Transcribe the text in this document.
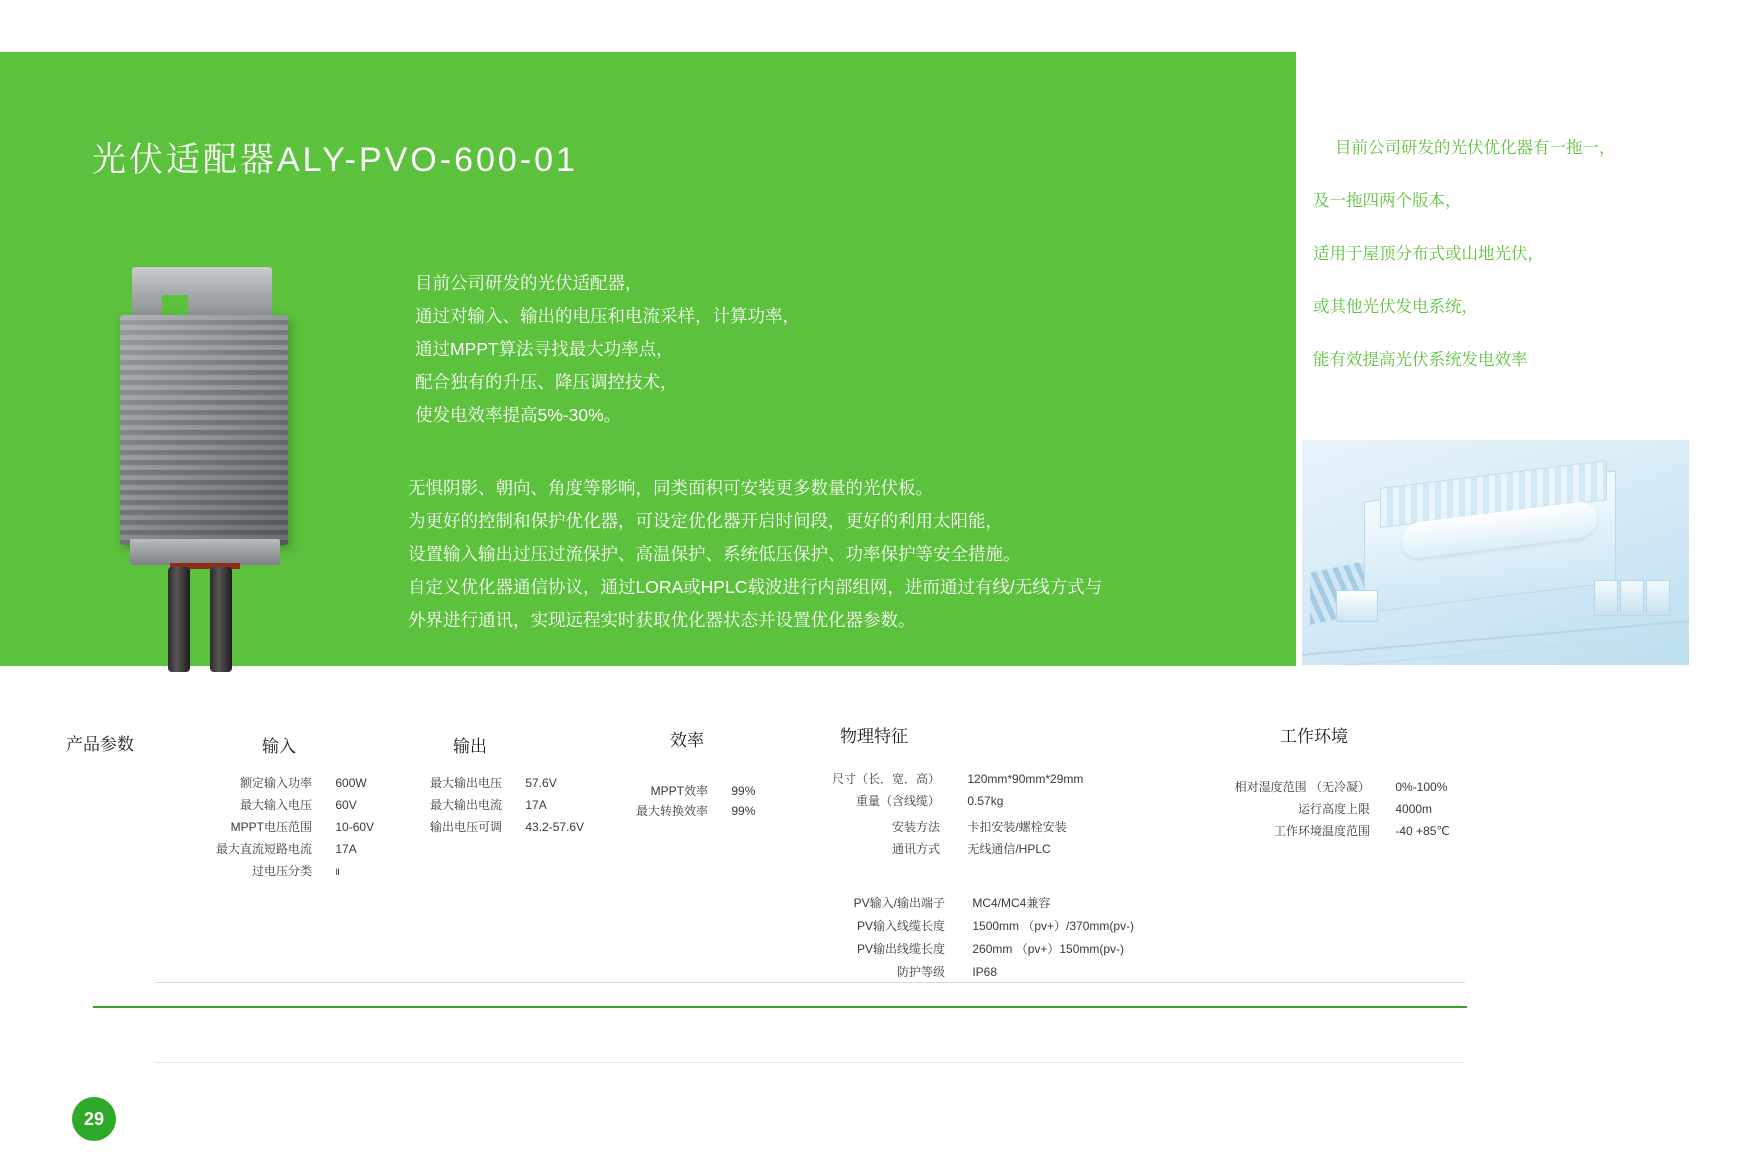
光伏适配器ALY-PVO-600-01
目前公司研发的光伏适配器，
通过对输入、输出的电压和电流采样，计算功率，
通过MPPT算法寻找最大功率点，
配合独有的升压、降压调控技术，
使发电效率提高5%-30%。
无惧阴影、朝向、角度等影响，同类面积可安装更多数量的光伏板。
为更好的控制和保护优化器，可设定优化器开启时间段，更好的利用太阳能，
设置输入输出过压过流保护、高温保护、系统低压保护、功率保护等安全措施。
自定义优化器通信协议，通过LORA或HPLC载波进行内部组网，进而通过有线/无线方式与
外界进行通讯，实现远程实时获取优化器状态并设置优化器参数。
目前公司研发的光伏优化器有一拖一，
及一拖四两个版本，
适用于屋顶分布式或山地光伏，
或其他光伏发电系统，
能有效提高光伏系统发电效率
产品参数	输入
额定输入功率 600W
最大输入电压 60V
MPPT电压范围 10-60V
最大直流短路电流 17A
过电压分类	Ⅱ
输出
最大输出电压 57.6V
最大输出电流 17A
输出电压可调 43.2-57.6V
效率
MPPT效率 99%
最大转换效率 99%
物理特征
尺寸（长．宽．高） 120mm*90mm*29mm
重量（含线缆） 0.57kg
安装方法 卡扣安装/螺栓安装
通讯方式 无线通信/HPLC
PV输入/输出端子 MC4/MC4兼容
PV输入线缆长度 1500mm （pv+）/370mm(pv-)
PV输出线缆长度 260mm （pv+）150mm(pv-)
防护等级 IP68
工作环境
相对湿度范围 （无冷凝） 0%-100%
运行高度上限 4000m
工作环境温度范围 -40 +85℃
29
